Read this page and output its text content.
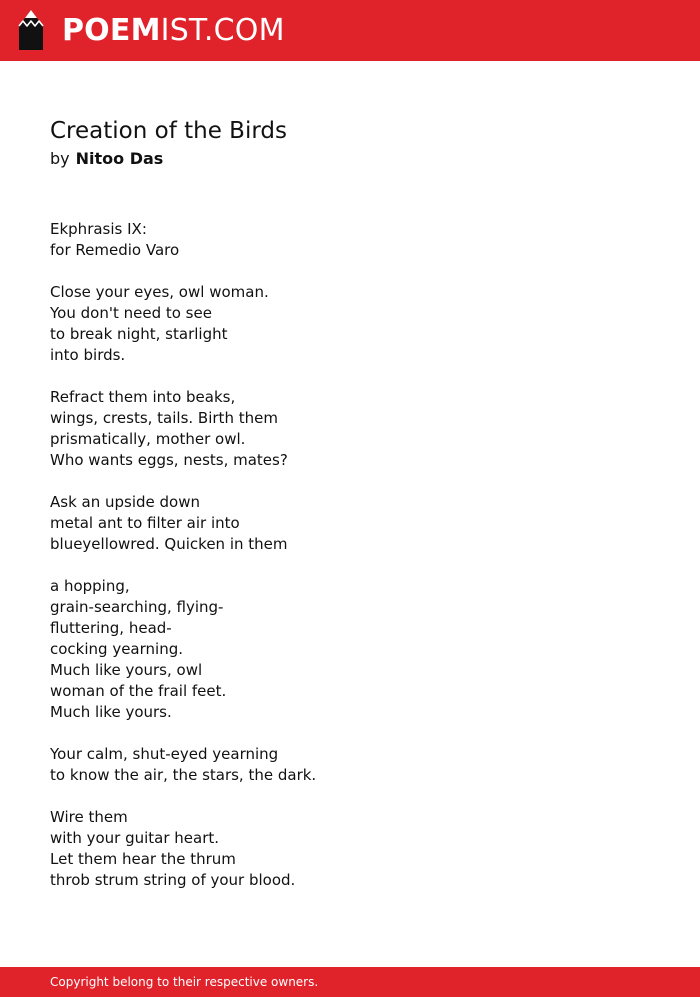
POEMIST.COM
Creation of the Birds
by Nitoo Das
Ekphrasis IX:
for Remedio Varo
Close your eyes, owl woman.
You don't need to see
to break night, starlight
into birds.
Refract them into beaks,
wings, crests, tails. Birth them
prismatically, mother owl.
Who wants eggs, nests, mates?
Ask an upside down
metal ant to filter air into
blueyellowred. Quicken in them
a hopping,
grain-searching, flying-
fluttering, head-
cocking yearning.
Much like yours, owl
woman of the frail feet.
Much like yours.
Your calm, shut-eyed yearning
to know the air, the stars, the dark.
Wire them
with your guitar heart.
Let them hear the thrum
throb strum string of your blood.
Copyright belong to their respective owners.
